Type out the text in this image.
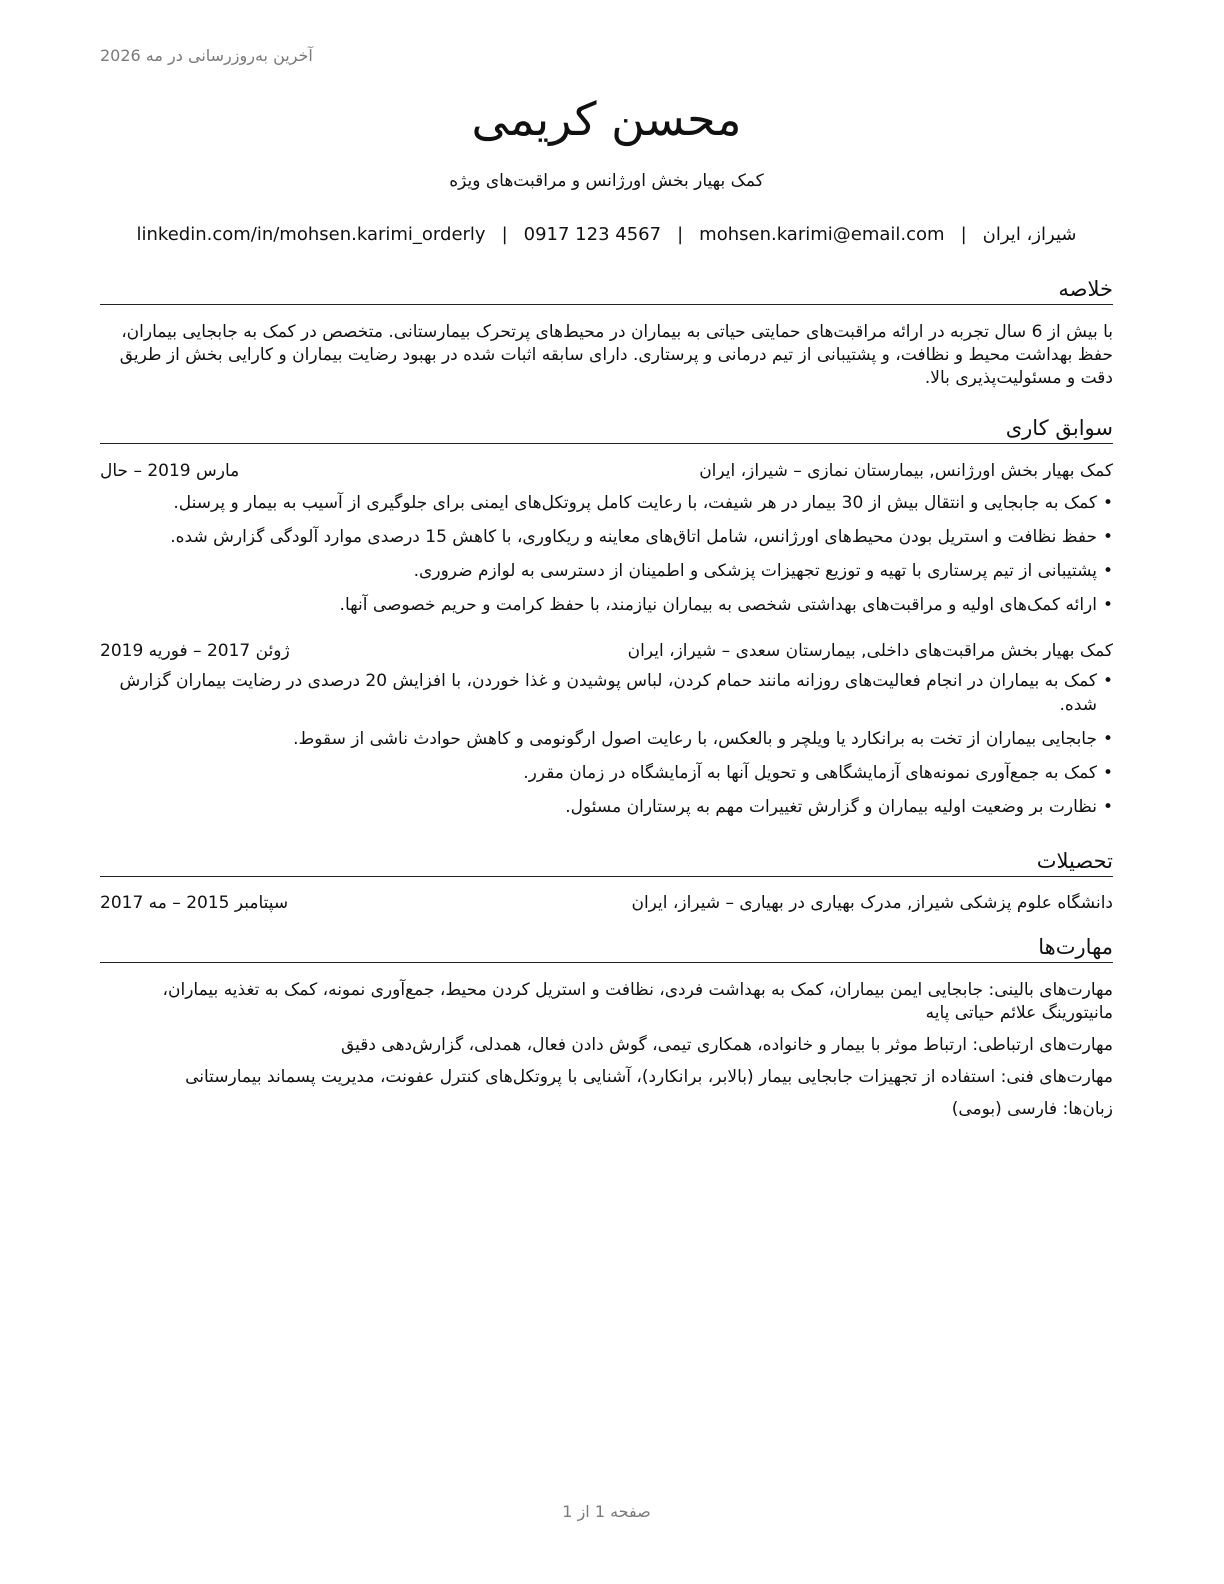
آخرین به‌روزرسانی در مه 2026
محسن کریمی
کمک بهیار بخش اورژانس و مراقبت‌های ویژه
شیراز، ایران|mohsen.karimi@email.com|0917 123 4567|linkedin.com/in/mohsen.karimi_orderly
خلاصه
با بیش از 6 سال تجربه در ارائه مراقبت‌های حمایتی حیاتی به بیماران در محیط‌های پرتحرک بیمارستانی. متخصص در کمک به جابجایی بیماران، حفظ بهداشت محیط و نظافت، و پشتیبانی از تیم درمانی و پرستاری. دارای سابقه اثبات شده در بهبود رضایت بیماران و کارایی بخش از طریق دقت و مسئولیت‌پذیری بالا.
سوابق کاری
کمک بهیار بخش اورژانس, بیمارستان نمازی – شیراز، ایران
مارس 2019 – حال
• کمک به جابجایی و انتقال بیش از 30 بیمار در هر شیفت، با رعایت کامل پروتکل‌های ایمنی برای جلوگیری از آسیب به بیمار و پرسنل.
• حفظ نظافت و استریل بودن محیط‌های اورژانس، شامل اتاق‌های معاینه و ریکاوری، با کاهش 15 درصدی موارد آلودگی گزارش شده.
• پشتیبانی از تیم پرستاری با تهیه و توزیع تجهیزات پزشکی و اطمینان از دسترسی به لوازم ضروری.
• ارائه کمک‌های اولیه و مراقبت‌های بهداشتی شخصی به بیماران نیازمند، با حفظ کرامت و حریم خصوصی آنها.
کمک بهیار بخش مراقبت‌های داخلی, بیمارستان سعدی – شیراز، ایران
ژوئن 2017 – فوریه 2019
• کمک به بیماران در انجام فعالیت‌های روزانه مانند حمام کردن، لباس پوشیدن و غذا خوردن، با افزایش 20 درصدی در رضایت بیماران گزارش شده.
• جابجایی بیماران از تخت به برانکارد یا ویلچر و بالعکس، با رعایت اصول ارگونومی و کاهش حوادث ناشی از سقوط.
• کمک به جمع‌آوری نمونه‌های آزمایشگاهی و تحویل آنها به آزمایشگاه در زمان مقرر.
• نظارت بر وضعیت اولیه بیماران و گزارش تغییرات مهم به پرستاران مسئول.
تحصیلات
دانشگاه علوم پزشکی شیراز, مدرک بهیاری در بهیاری – شیراز، ایران
سپتامبر 2015 – مه 2017
مهارت‌ها
مهارت‌های بالینی: جابجایی ایمن بیماران، کمک به بهداشت فردی، نظافت و استریل کردن محیط، جمع‌آوری نمونه، کمک به تغذیه بیماران، مانیتورینگ علائم حیاتی پایه
مهارت‌های ارتباطی: ارتباط موثر با بیمار و خانواده، همکاری تیمی، گوش دادن فعال، همدلی، گزارش‌دهی دقیق
مهارت‌های فنی: استفاده از تجهیزات جابجایی بیمار (بالابر، برانکارد)، آشنایی با پروتکل‌های کنترل عفونت، مدیریت پسماند بیمارستانی
زبان‌ها: فارسی (بومی)
صفحه 1 از 1
